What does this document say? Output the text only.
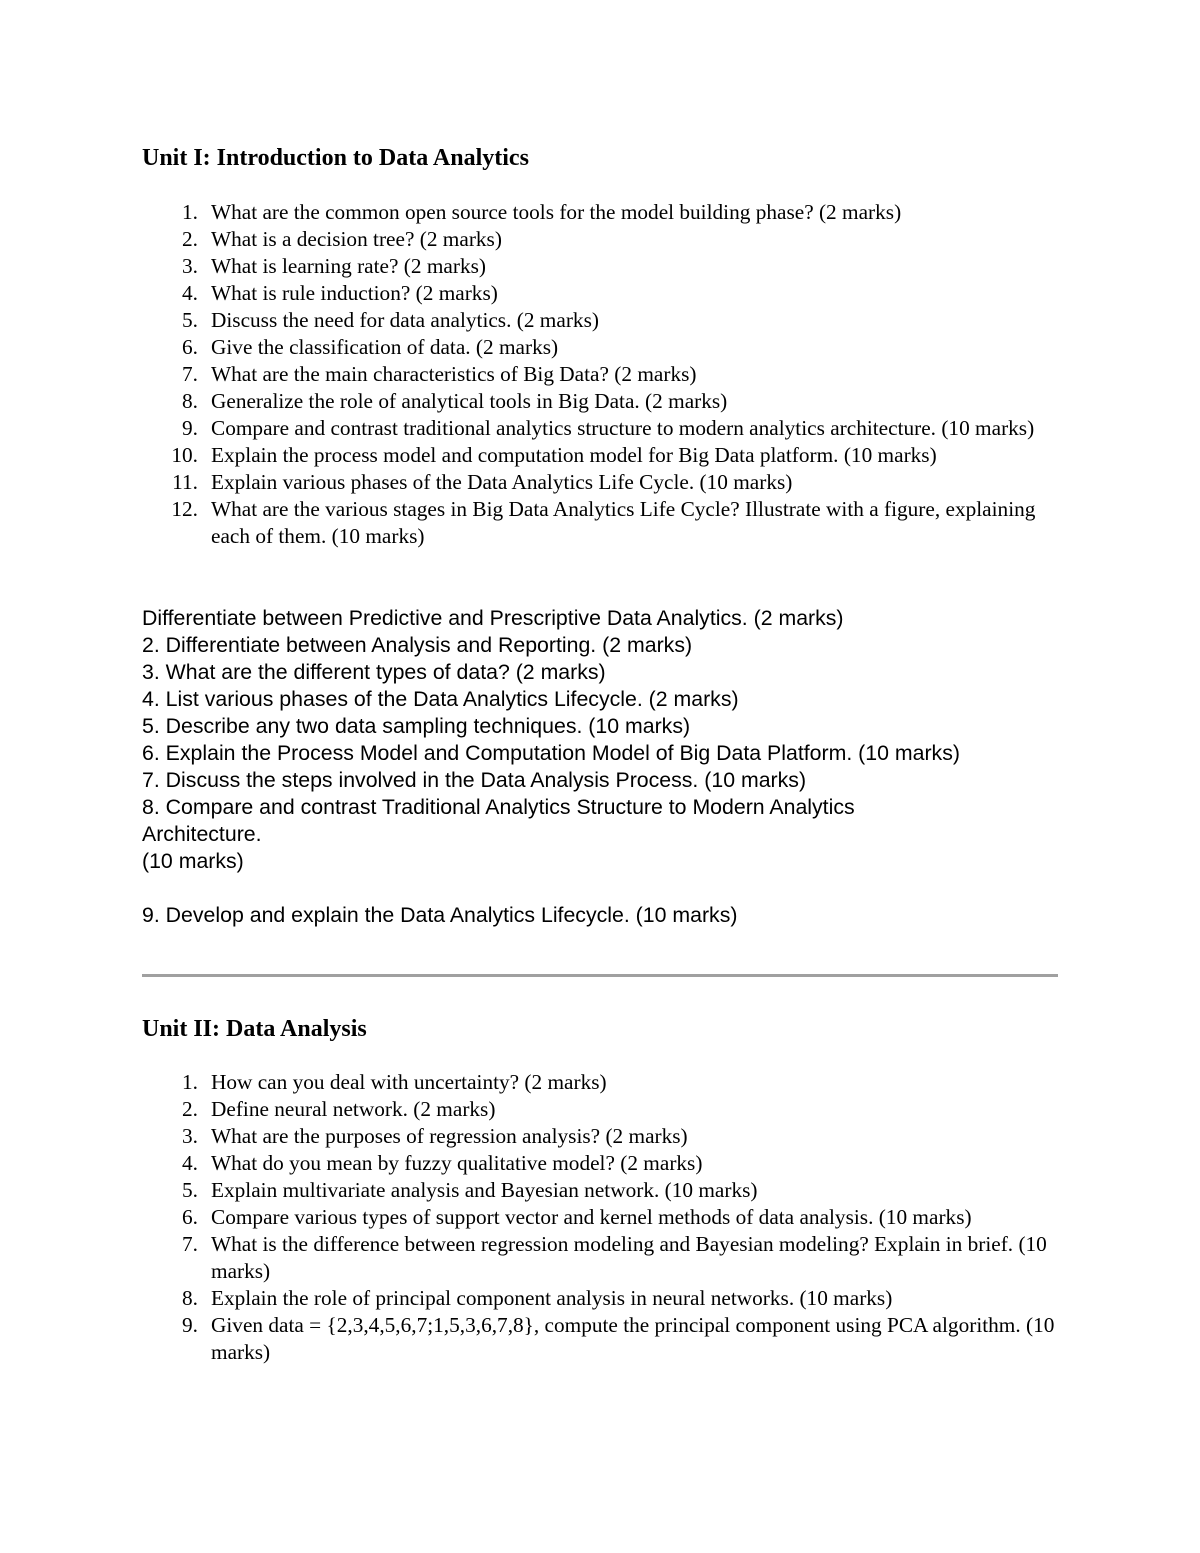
Unit I: Introduction to Data Analytics
1. What are the common open source tools for the model building phase? (2 marks)
2. What is a decision tree? (2 marks)
3. What is learning rate? (2 marks)
4. What is rule induction? (2 marks)
5. Discuss the need for data analytics. (2 marks)
6. Give the classification of data. (2 marks)
7. What are the main characteristics of Big Data? (2 marks)
8. Generalize the role of analytical tools in Big Data. (2 marks)
9. Compare and contrast traditional analytics structure to modern analytics architecture. (10 marks)
10. Explain the process model and computation model for Big Data platform. (10 marks)
11. Explain various phases of the Data Analytics Life Cycle. (10 marks)
12. What are the various stages in Big Data Analytics Life Cycle? Illustrate with a figure, explaining each of them. (10 marks)
Differentiate between Predictive and Prescriptive Data Analytics. (2 marks)
2. Differentiate between Analysis and Reporting. (2 marks)
3. What are the different types of data? (2 marks)
4. List various phases of the Data Analytics Lifecycle. (2 marks)
5. Describe any two data sampling techniques. (10 marks)
6. Explain the Process Model and Computation Model of Big Data Platform. (10 marks)
7. Discuss the steps involved in the Data Analysis Process. (10 marks)
8. Compare and contrast Traditional Analytics Structure to Modern Analytics
Architecture.
(10 marks)
9. Develop and explain the Data Analytics Lifecycle. (10 marks)
Unit II: Data Analysis
1. How can you deal with uncertainty? (2 marks)
2. Define neural network. (2 marks)
3. What are the purposes of regression analysis? (2 marks)
4. What do you mean by fuzzy qualitative model? (2 marks)
5. Explain multivariate analysis and Bayesian network. (10 marks)
6. Compare various types of support vector and kernel methods of data analysis. (10 marks)
7. What is the difference between regression modeling and Bayesian modeling? Explain in brief. (10 marks)
8. Explain the role of principal component analysis in neural networks. (10 marks)
9. Given data = {2,3,4,5,6,7;1,5,3,6,7,8}, compute the principal component using PCA algorithm. (10 marks)
